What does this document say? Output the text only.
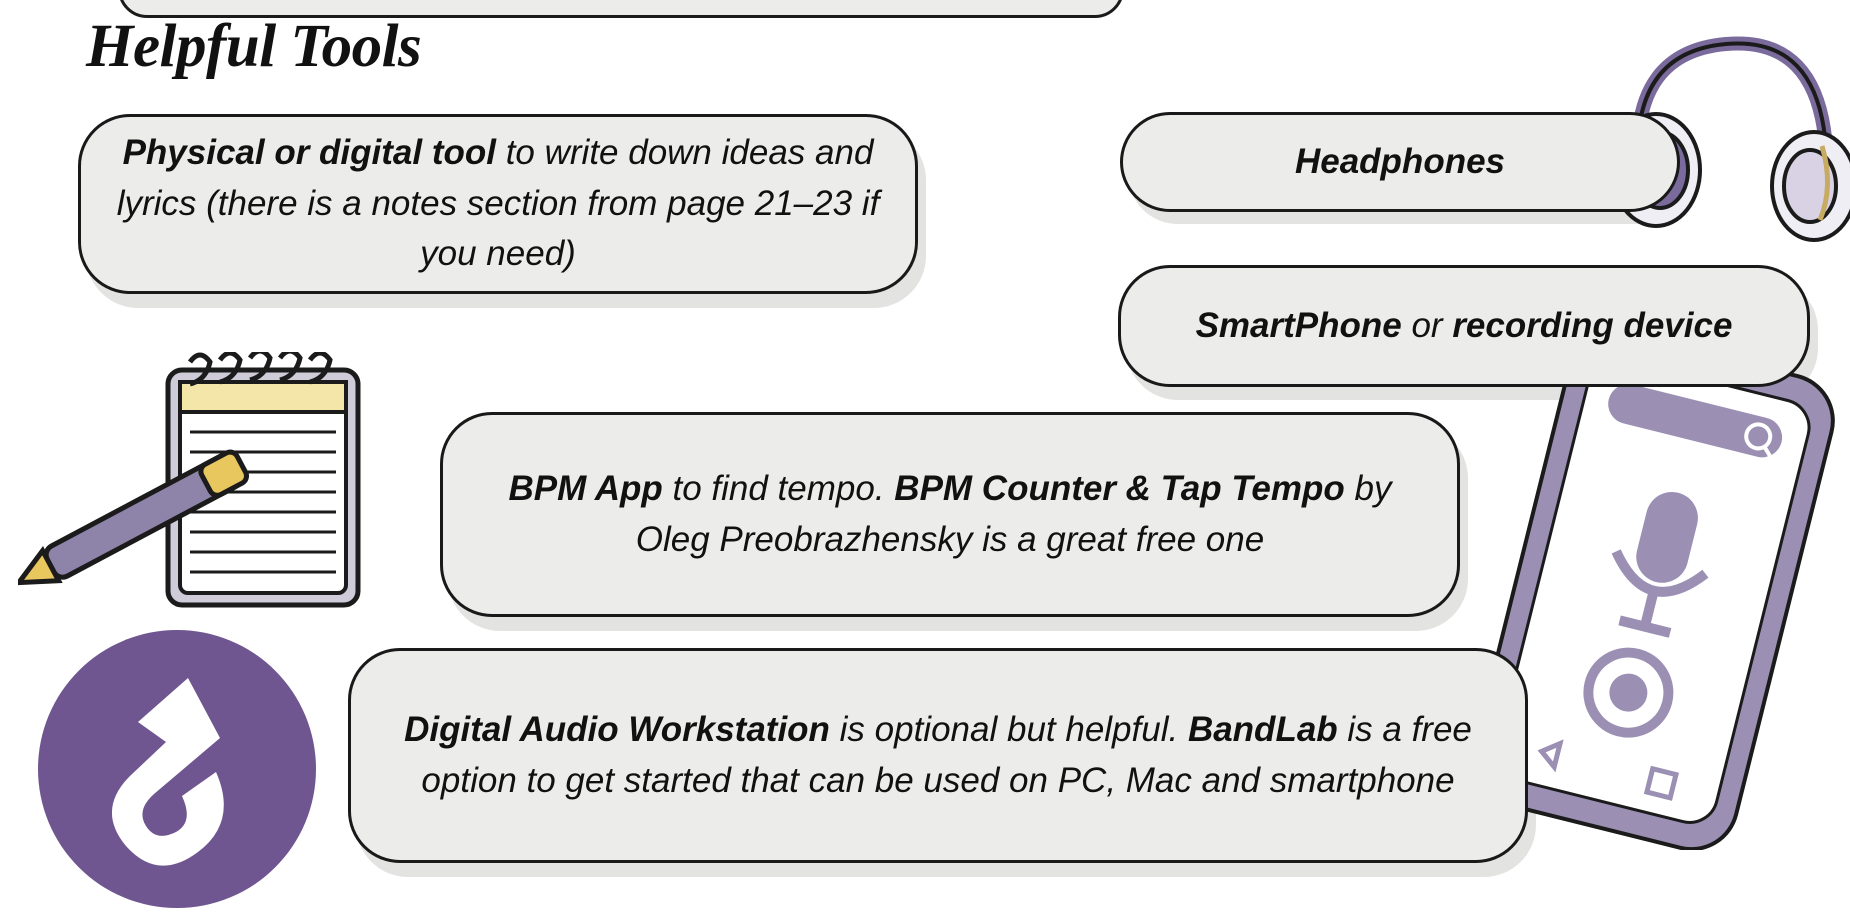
Helpful Tools
Physical or digital tool to write down ideas and lyrics (there is a notes section from page 21–23 if you need)
Headphones
SmartPhone or recording device
BPM App to find tempo. BPM Counter & Tap Tempo by Oleg Preobrazhensky is a great free one
Digital Audio Workstation is optional but helpful. BandLab is a free option to get started that can be used on PC, Mac and smartphone
